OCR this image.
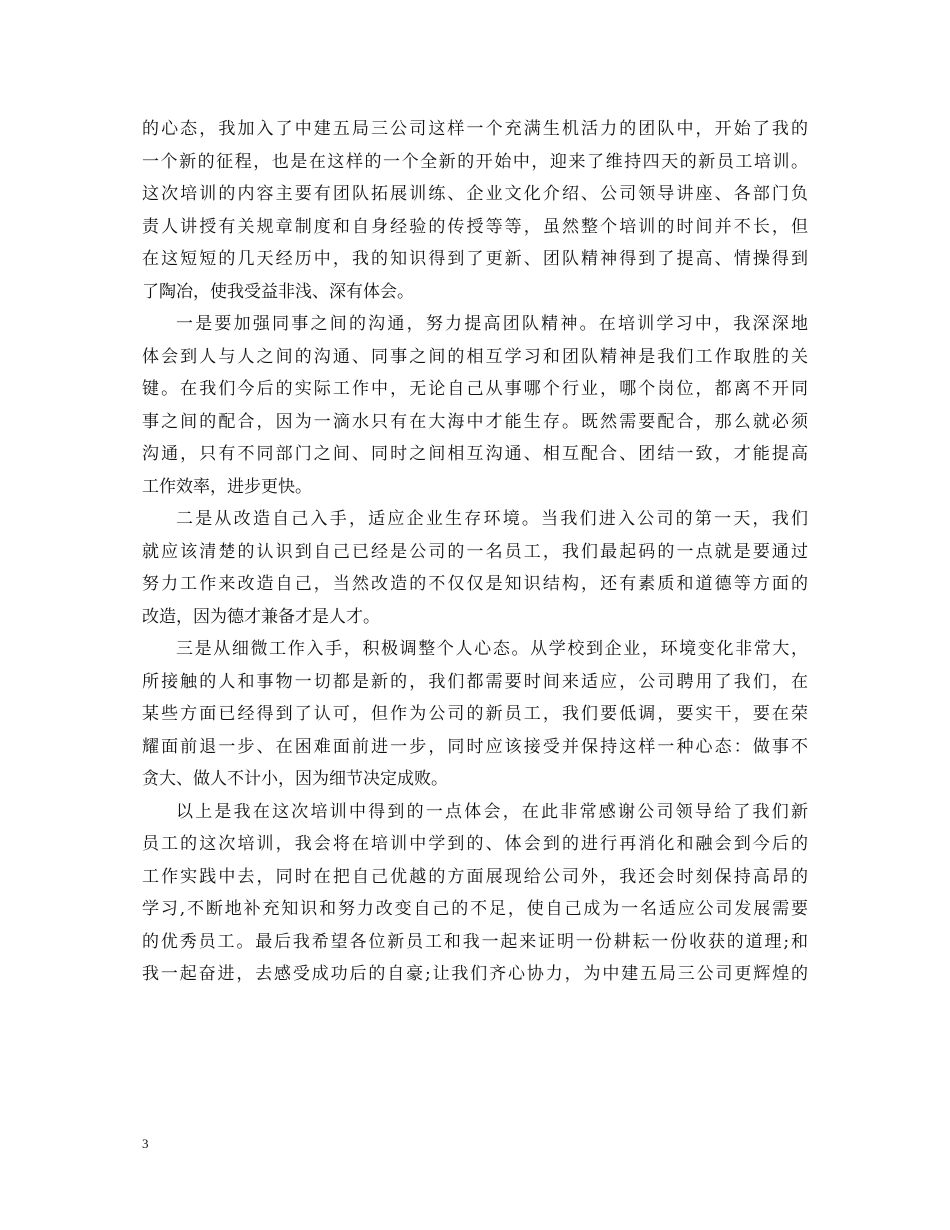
的心态，我加入了中建五局三公司这样一个充满生机活力的团队中，开始了我的
一个新的征程，也是在这样的一个全新的开始中，迎来了维持四天的新员工培训。
这次培训的内容主要有团队拓展训练、企业文化介绍、公司领导讲座、各部门负
责人讲授有关规章制度和自身经验的传授等等，虽然整个培训的时间并不长，但
在这短短的几天经历中，我的知识得到了更新、团队精神得到了提高、情操得到
了陶冶，使我受益非浅、深有体会。
一是要加强同事之间的沟通，努力提高团队精神。在培训学习中，我深深地
体会到人与人之间的沟通、同事之间的相互学习和团队精神是我们工作取胜的关
键。在我们今后的实际工作中，无论自己从事哪个行业，哪个岗位，都离不开同
事之间的配合，因为一滴水只有在大海中才能生存。既然需要配合，那么就必须
沟通，只有不同部门之间、同时之间相互沟通、相互配合、团结一致，才能提高
工作效率，进步更快。
二是从改造自己入手，适应企业生存环境。当我们进入公司的第一天，我们
就应该清楚的认识到自己已经是公司的一名员工，我们最起码的一点就是要通过
努力工作来改造自己，当然改造的不仅仅是知识结构，还有素质和道德等方面的
改造，因为德才兼备才是人才。
三是从细微工作入手，积极调整个人心态。从学校到企业，环境变化非常大，
所接触的人和事物一切都是新的，我们都需要时间来适应，公司聘用了我们，在
某些方面已经得到了认可，但作为公司的新员工，我们要低调，要实干，要在荣
耀面前退一步、在困难面前进一步，同时应该接受并保持这样一种心态：做事不
贪大、做人不计小，因为细节决定成败。
以上是我在这次培训中得到的一点体会，在此非常感谢公司领导给了我们新
员工的这次培训，我会将在培训中学到的、体会到的进行再消化和融会到今后的
工作实践中去，同时在把自己优越的方面展现给公司外，我还会时刻保持高昂的
学习,不断地补充知识和努力改变自己的不足，使自己成为一名适应公司发展需要
的优秀员工。最后我希望各位新员工和我一起来证明一份耕耘一份收获的道理;和
我一起奋进，去感受成功后的自豪;让我们齐心协力，为中建五局三公司更辉煌的
3
